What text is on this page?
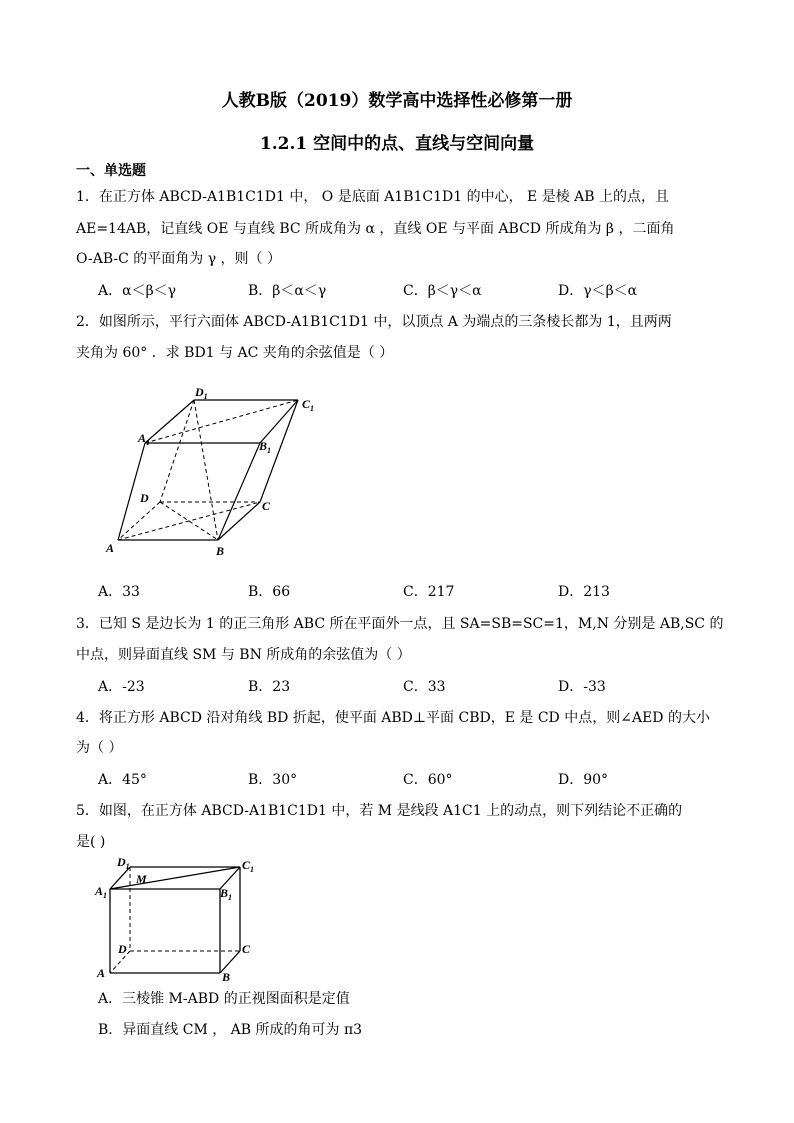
人教B版（2019）数学高中选择性必修第一册
1.2.1 空间中的点、直线与空间向量
一、单选题
1．在正方体 ABCD-A1B1C1D1 中， O 是底面 A1B1C1D1 的中心， E 是棱 AB 上的点，且
AE=14AB，记直线 OE 与直线 BC 所成角为 α ，直线 OE 与平面 ABCD 所成角为 β ，二面角
O-AB-C 的平面角为 γ ，则（ ）
A．α＜β＜γ	B．β＜α＜γ	C．β＜γ＜α	D．γ＜β＜α
2．如图所示，平行六面体 ABCD-A1B1C1D1 中，以顶点 A 为端点的三条棱长都为 1，且两两
夹角为 60° ．求 BD1 与 AC 夹角的余弦值是（ ）
$D_1$
$C_1$
$A_1$	$B_1$
D
C
A	B
A．33	B．66	C．217	D．213
3．已知 S 是边长为 1 的正三角形 ABC 所在平面外一点，且 SA=SB=SC=1，M,N 分别是 AB,SC 的
中点，则异面直线 SM 与 BN 所成角的余弦值为（ ）
A．-23	B．23	C．33	D．-33
4．将正方形 ABCD 沿对角线 BD 折起，使平面 ABD⊥平面 CBD，E 是 CD 中点，则∠AED 的大小
为（ ）
A．45°	B．30°	C．60°	D．90°
5．如图，在正方体 ABCD-A1B1C1D1 中，若 M 是线段 A1C1 上的动点，则下列结论不正确的
是( )
$D_1$	$C_1$
M
$A_1$	$B_1$
D	C
A	B
A．三棱锥 M-ABD 的正视图面积是定值
B．异面直线 CM ， AB 所成的角可为 π3
